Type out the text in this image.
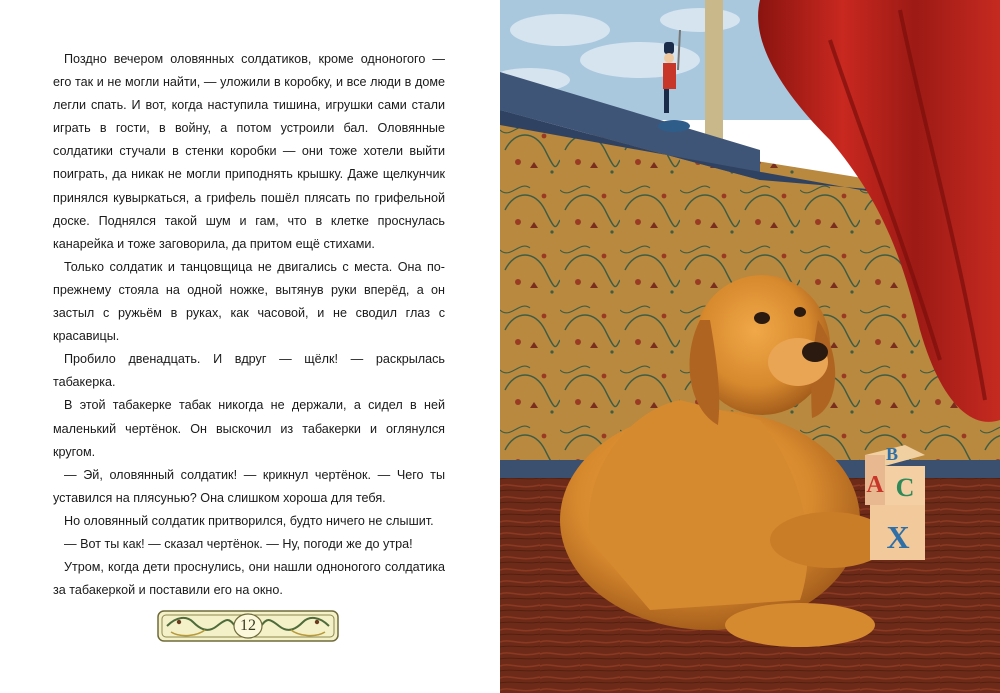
Поздно вечером оловянных солдатиков, кроме одноногого — его так и не могли найти, — уложили в коробку, и все люди в доме легли спать. И вот, когда наступила тишина, игрушки сами стали играть в гости, в войну, а потом устроили бал. Оловянные солдатики стучали в стенки коробки — они тоже хотели выйти поиграть, да никак не могли приподнять крышку. Даже щелкунчик принялся кувыркаться, а грифель пошёл плясать по грифельной доске. Поднялся такой шум и гам, что в клетке проснулась канарейка и тоже заговорила, да притом ещё стихами.

Только солдатик и танцовщица не двигались с места. Она по-прежнему стояла на одной ножке, вытянув руки вперёд, а он застыл с ружьём в руках, как часовой, и не сводил глаз с красавицы.

Пробило двенадцать. И вдруг — щёлк! — раскрылась табакерка.

В этой табакерке табак никогда не держали, а сидел в ней маленький чертёнок. Он выскочил из табакерки и оглянулся кругом.

— Эй, оловянный солдатик! — крикнул чертёнок. — Чего ты уставился на плясунью? Она слишком хороша для тебя.

Но оловянный солдатик притворился, будто ничего не слышит.

— Вот ты как! — сказал чертёнок. — Ну, погоди же до утра!

Утром, когда дети проснулись, они нашли одноногого солдатика за табакеркой и поставили его на окно.

12
B
A C
X
